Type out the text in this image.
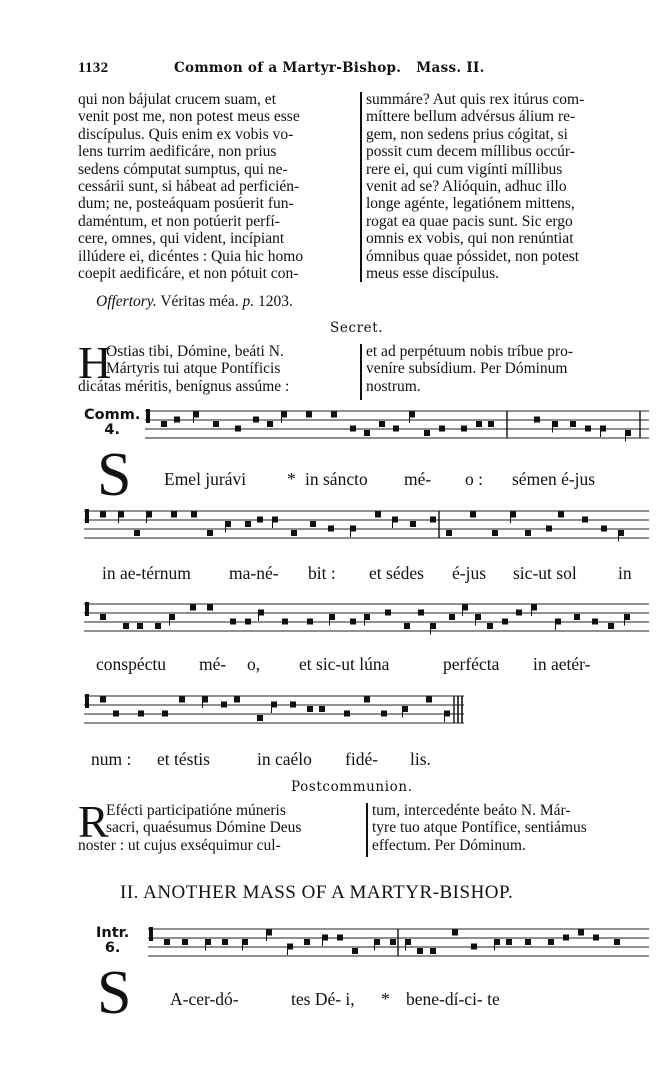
1132	Common of a Martyr-Bishop.   Mass. II.

qui non bájulat crucem suam, et

venit post me, non potest meus esse

discípulus. Quis enim ex vobis vo-

lens turrim aedificáre, non prius

sedens cómputat sumptus, qui ne-

cessárii sunt, si hábeat ad perficién-

dum; ne, posteáquam posúerit fun-

daméntum, et non potúerit perfí-

cere, omnes, qui vident, incípiant

illúdere ei, dicéntes : Quia hic homo

coepit aedificáre, et non pótuit con-

summáre? Aut quis rex itúrus com-

míttere bellum advérsus álium re-

gem, non sedens prius cógitat, si

possit cum decem míllibus occúr-

rere ei, qui cum vigínti míllibus

venit ad se? Alióquin, adhuc illo

longe agénte, legatiónem mittens,

rogat ea quae pacis sunt. Sic ergo

omnis ex vobis, qui non renúntiat

ómnibus quae póssidet, non potest

meus esse discípulus.

Offertory. Véritas méa. p. 1203.
Secret.
H

Ostias tibi, Dómine, beáti N.

Mártyris tui atque Pontíficis

dicátas méritis, benígnus assúme :

et ad perpétuum nobis tríbue pro-

veníre subsídium. Per Dóminum

nostrum.

Comm.
4.
S Emel jurávi * in sáncto mé- o : sémen é-jus
in ae-térnum ma-né- bit : et sédes é-jus sic-ut sol in
conspéctu mé- o, et sic-ut lúna	perfécta in aetér-
num : et téstis	in caélo fidé- lis.
Postcommunion.
R

Efécti participatióne múneris

sacri, quaésumus Dómine Deus

noster : ut cujus exséquimur cul-

tum, intercedénte beáto N. Már-

tyre tuo atque Pontífice, sentiámus

effectum. Per Dóminum.

II. ANOTHER MASS OF A MARTYR-BISHOP.
Intr.
6.
S A-cer-dó-	tes Dé- i, * bene-dí-ci- te
